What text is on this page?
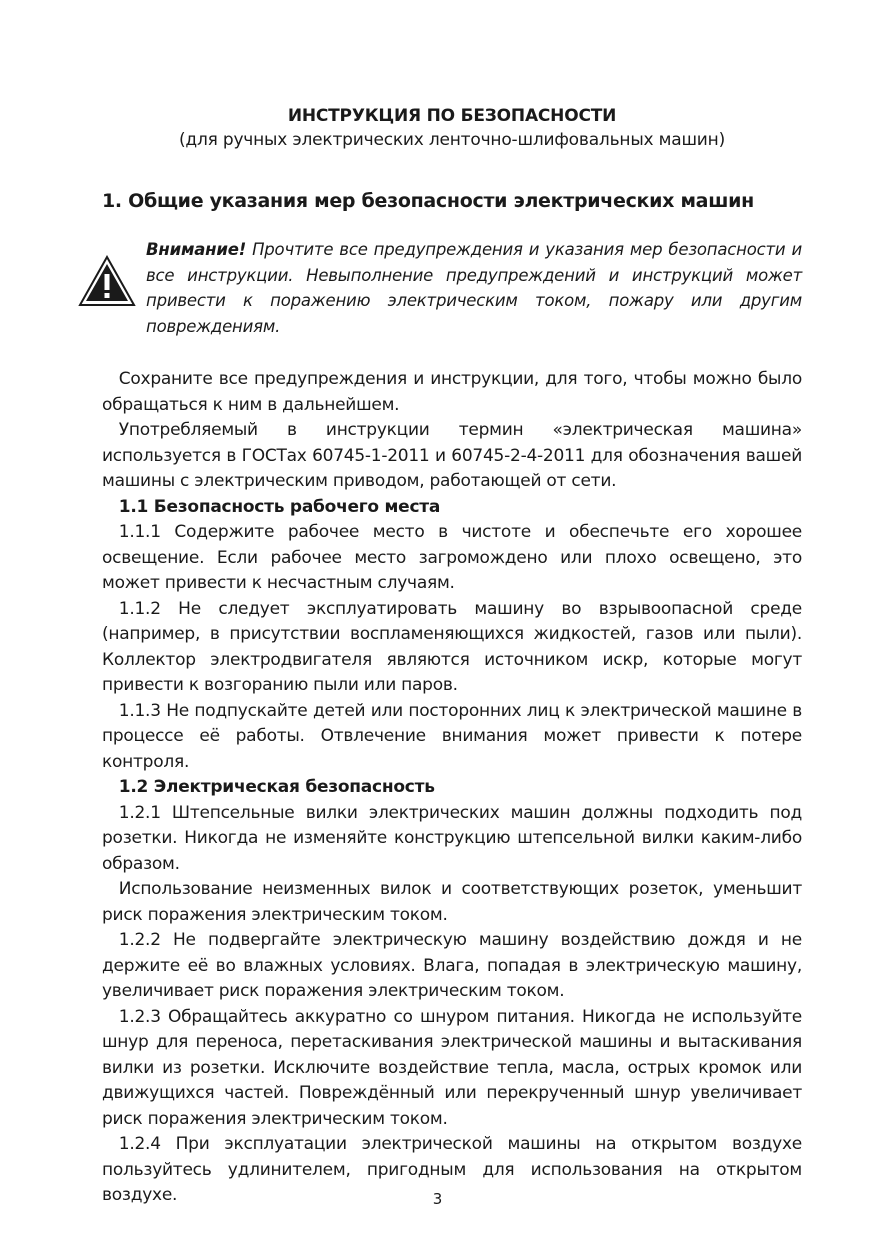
ИНСТРУКЦИЯ ПО БЕЗОПАСНОСТИ

(для ручных электрических ленточно-шлифовальных машин)

1. Общие указания мер безопасности электрических машин

Внимание! Прочтите все предупреждения и указания мер безопасности и все инструкции. Невыполнение предупреждений и инструкций может привести к поражению электрическим током, пожару или другим повреждениям.

 Сохраните все предупреждения и инструкции, для того, чтобы можно было обращаться к ним в дальнейшем.

 Употребляемый в инструкции термин «электрическая машина» используется в ГОСТах 60745-1-2011 и 60745-2-4-2011 для обозначения вашей машины с электрическим приводом, работающей от сети.

 1.1 Безопасность рабочего места

 1.1.1 Содержите рабочее место в чистоте и обеспечьте его хорошее освещение. Если рабочее место загромождено или плохо освещено, это может привести к несчастным случаям.

 1.1.2 Не следует эксплуатировать машину во взрывоопасной среде (например, в присутствии воспламеняющихся жидкостей, газов или пыли). Коллектор электродвигателя являются источником искр, которые могут привести к возгоранию пыли или паров.

 1.1.3 Не подпускайте детей или посторонних лиц к электрической машине в процессе её работы. Отвлечение внимания может привести к потере контроля.

 1.2 Электрическая безопасность

 1.2.1 Штепсельные вилки электрических машин должны подходить под розетки. Никогда не изменяйте конструкцию штепсельной вилки каким-либо образом.

 Использование неизменных вилок и соответствующих розеток, уменьшит риск поражения электрическим током.

 1.2.2 Не подвергайте электрическую машину воздействию дождя и не держите её во влажных условиях. Влага, попадая в электрическую машину, увеличивает риск поражения электрическим током.

 1.2.3 Обращайтесь аккуратно со шнуром питания. Никогда не используйте шнур для переноса, перетаскивания электрической машины и вытаскивания вилки из розетки. Исключите воздействие тепла, масла, острых кромок или движущихся частей. Повреждённый или перекрученный шнур увеличивает риск поражения электрическим током.

 1.2.4 При эксплуатации электрической машины на открытом воздухе пользуйтесь удлинителем, пригодным для использования на открытом воздухе.	3
